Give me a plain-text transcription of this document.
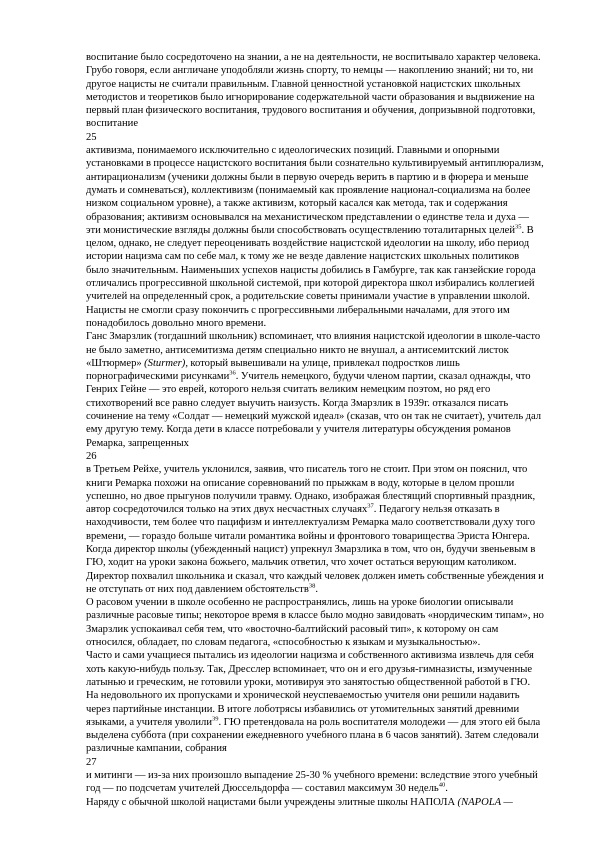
воспитание было сосредоточено на знании, а не на деятельности, не воспитывало характер человека. Грубо говоря, если англичане уподобляли жизнь спорту, то немцы — накоплению знаний; ни то, ни другое нацисты не считали правильным. Главной ценностной установкой нацистских школьных методистов и теоретиков было игнорирование содержательной части образования и выдвижение на первый план физического воспитания, трудового воспитания и обучения, допризывной подготовки, воспитание

25

активизма, понимаемого исключительно с идеологических позиций. Главными и опорными установками в процессе нацистского воспитания были сознательно культивируемый антиплюрализм, антирационализм (ученики должны были в первую очередь верить в партию и в фюрера и меньше думать и сомневаться), коллективизм (понимаемый как проявление национал-социализма на более низком социальном уровне), а также активизм, который касался как метода, так и содержания образования; активизм основывался на механистическом представлении о единстве тела и духа — эти монистические взгляды должны были способствовать осуществлению тоталитарных целей$^{35}$. В целом, однако, не следует переоценивать воздействие нацистской идеологии на школу, ибо период истории нацизма сам по себе мал, к тому же не везде давление нацистских школьных политиков было значительным. Наименьших успехов нацисты добились в Гамбурге, так как ганзейские города отличались прогрессивной школьной системой, при которой директора школ избирались коллегией учителей на определенный срок, а родительские советы принимали участие в управлении школой. Нацисты не смогли сразу покончить с прогрессивными либеральными началами, для этого им понадобилось довольно много времени.

Ганс Змарзлик (тогдашний школьник) вспоминает, что влияния нацистской идеологии в школе-часто не было заметно, антисемитизма детям специально никто не внушал, а антисемитский листок «Штюрмер» (Sturmer), который вывешивали на улице, привлекал подростков лишь порнографическими рисунками$^{36}$. Учитель немецкого, будучи членом партии, сказал однажды, что Генрих Гейне — это еврей, которого нельзя считать великим немецким поэтом, но ряд его стихотворений все равно следует выучить наизусть. Когда Змарзлик в 1939г. отказался писать сочинение на тему «Солдат — немецкий мужской идеал» (сказав, что он так не считает), учитель дал ему другую тему. Когда дети в классе потребовали у учителя литературы обсуждения романов Ремарка, запрещенных

26

в Третьем Рейхе, учитель уклонился, заявив, что писатель того не стоит. При этом он пояснил, что книги Ремарка похожи на описание соревнований по прыжкам в воду, которые в целом прошли успешно, но двое прыгунов получили травму. Однако, изображая блестящий спортивный праздник, автор сосредоточился только на этих двух несчастных случаях$^{37}$. Педагогу нельзя отказать в находчивости, тем более что пацифизм и интеллектуализм Ремарка мало соответствовали духу того времени, — гораздо больше читали романтика войны и фронтового товарищества Эриста Юнгера.

Когда директор школы (убежденный нацист) упрекнул Змарзлика в том, что он, будучи звеньевым в ГЮ, ходит на уроки закона божьего, мальчик ответил, что хочет остаться верующим католиком. Директор похвалил школьника и сказал, что каждый человек должен иметь собственные убеждения и не отступать от них под давлением обстоятельств$^{38}$.

О расовом учении в школе особенно не распространялись, лишь на уроке биологии описывали различные расовые типы; некоторое время в классе было модно завидовать «нордическим типам», но Змарзлик успокаивал себя тем, что «восточно-балтийский расовый тип», к которому он сам относился, обладает, по словам педагога, «способностью к языкам и музыкальностью».

Часто и сами учащиеся пытались из идеологии нацизма и собственного активизма извлечь для себя хоть какую-нибудь пользу. Так, Дресслер вспоминает, что он и его друзья-гимназисты, измученные латынью и греческим, не готовили уроки, мотивируя это занятостью общественной работой в ГЮ. На недовольного их пропусками и хронической неуспеваемостью учителя они решили надавить через партийные инстанции. В итоге лоботрясы избавились от утомительных занятий древними языками, а учителя уволили$^{39}$. ГЮ претендовала на роль воспитателя молодежи — для этого ей была выделена суббота (при сохранении ежедневного учебного плана в 6 часов занятий). Затем следовали различные кампании, собрания

27

и митинги — из-за них произошло выпадение 25-30 % учебного времени: вследствие этого учебный год — по подсчетам учителей Дюссельдорфа — составил максимум 30 недель$^{40}$.

Наряду с обычной школой нацистами были учреждены элитные школы НАПОЛА (NAPOLA —
